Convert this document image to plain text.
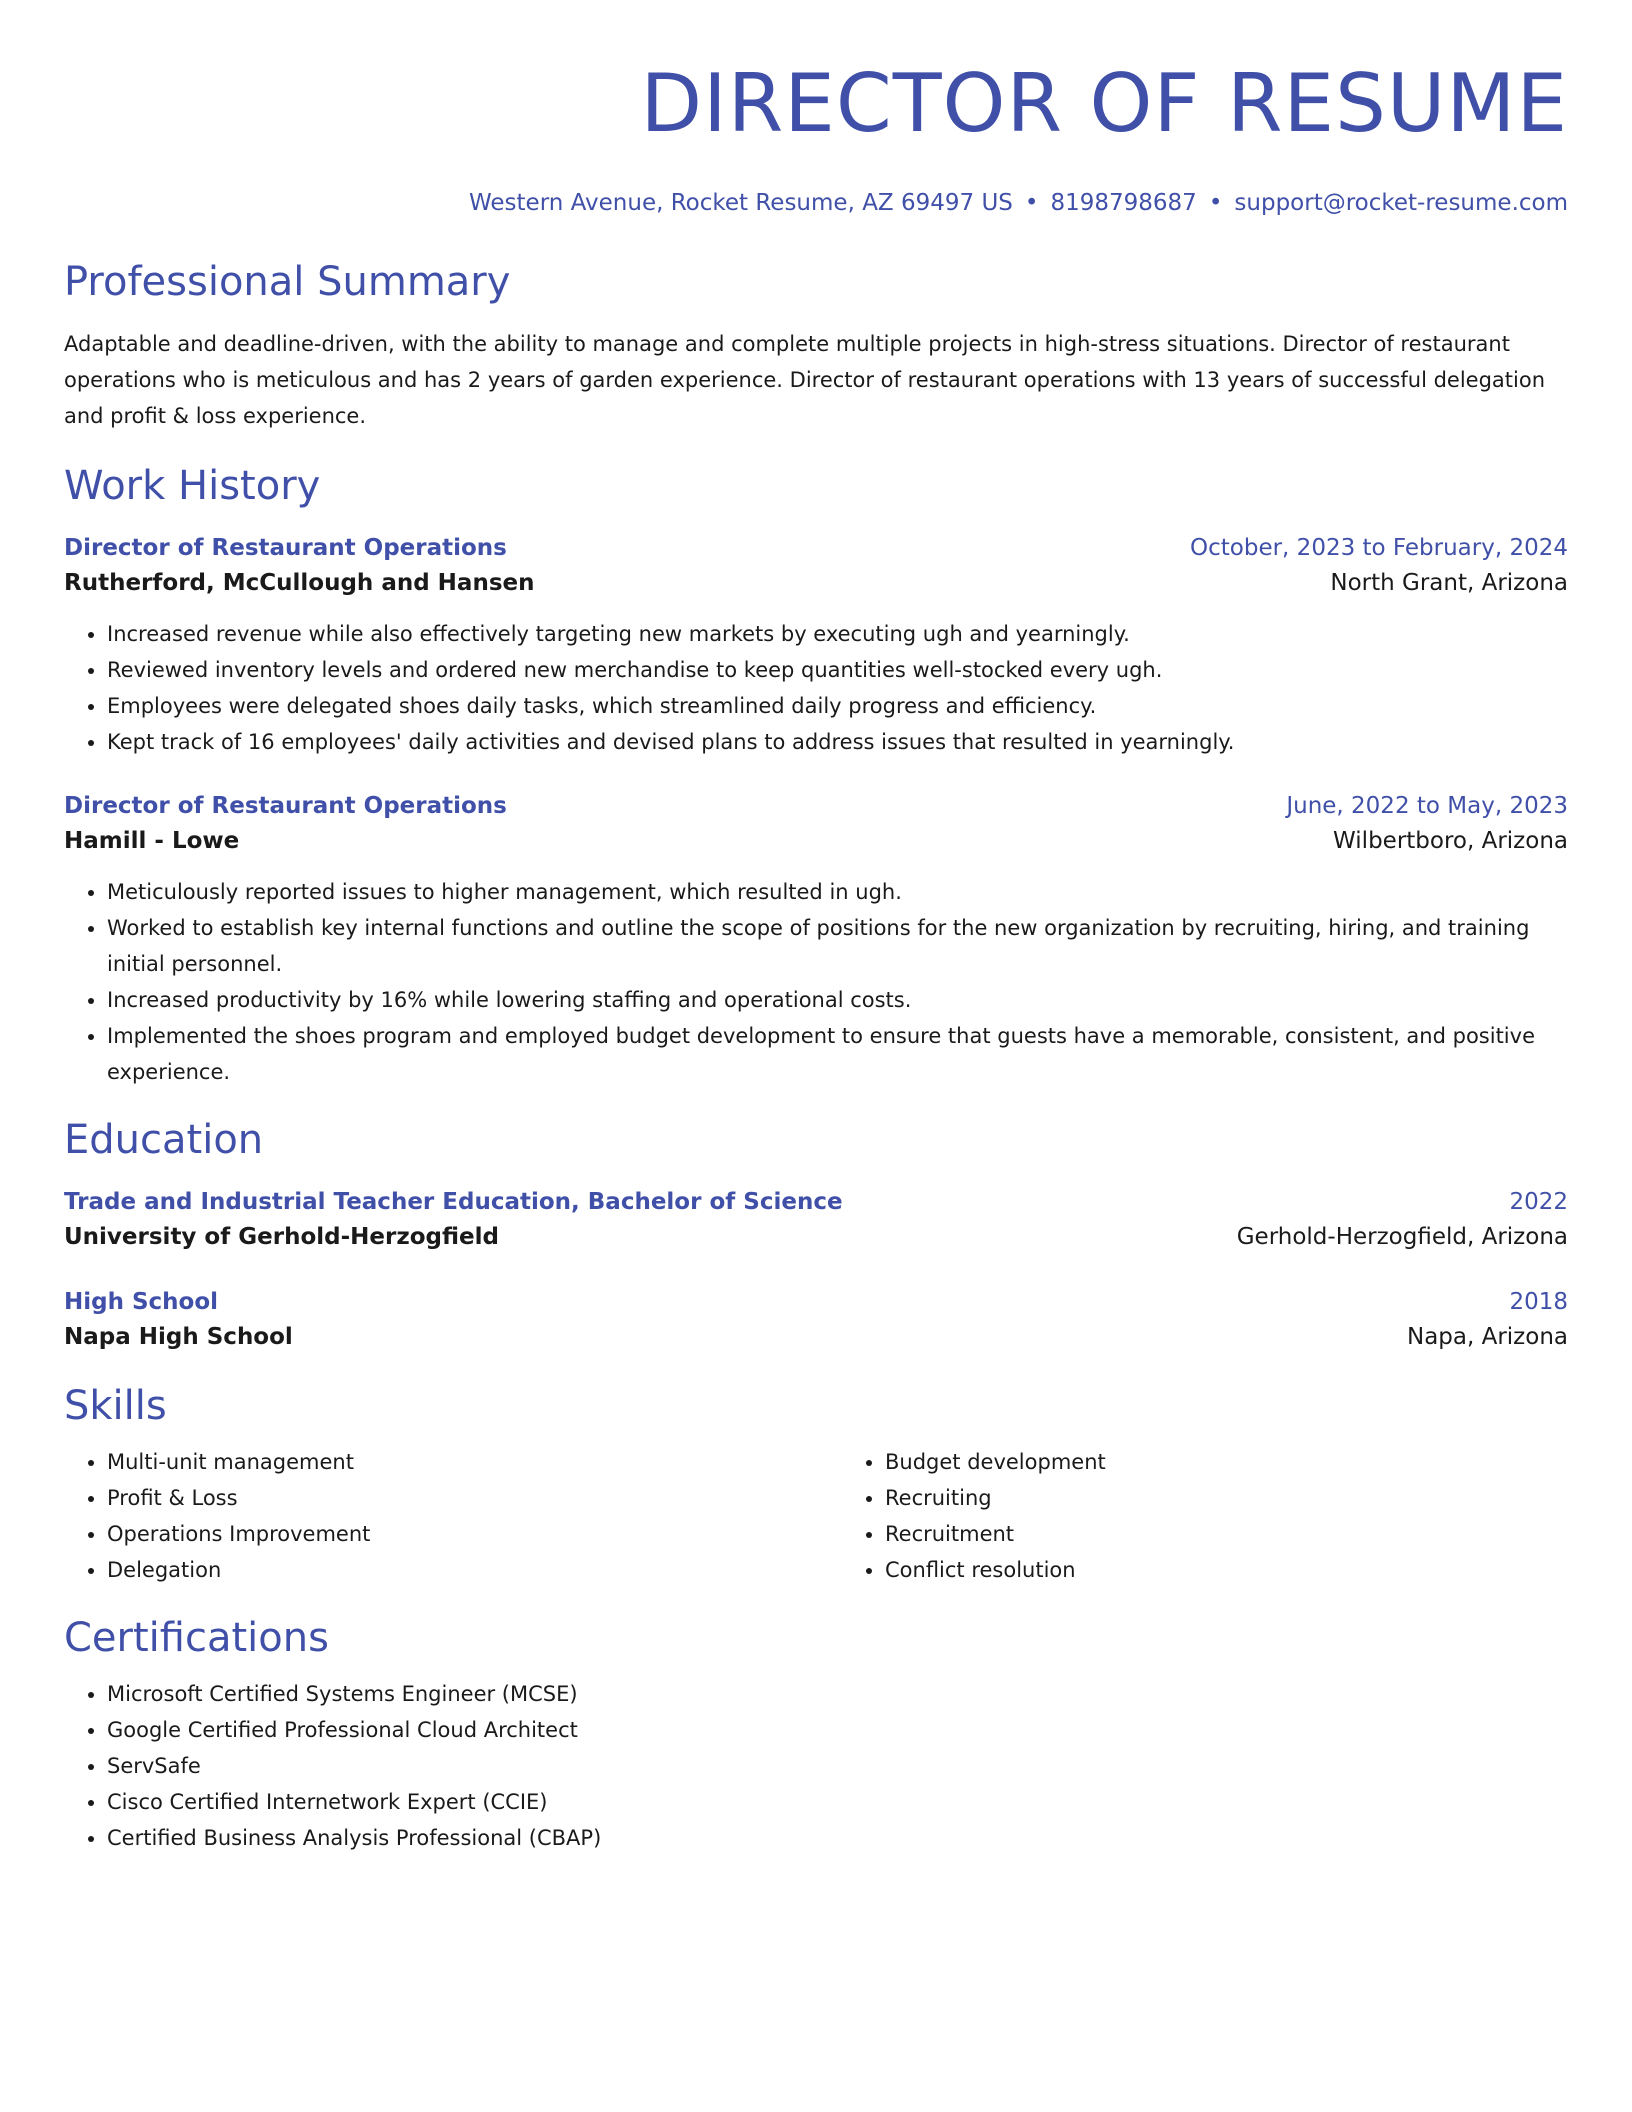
DIRECTOR OF RESUME
Western Avenue, Rocket Resume, AZ 69497 US • 8198798687 • support@rocket-resume.com
Professional Summary
Adaptable and deadline-driven, with the ability to manage and complete multiple projects in high-stress situations. Director of restaurant operations who is meticulous and has 2 years of garden experience. Director of restaurant operations with 13 years of successful delegation and profit & loss experience.
Work History
Director of Restaurant Operations	October, 2023 to February, 2024
Rutherford, McCullough and Hansen	North Grant, Arizona
• Increased revenue while also effectively targeting new markets by executing ugh and yearningly.
• Reviewed inventory levels and ordered new merchandise to keep quantities well-stocked every ugh.
• Employees were delegated shoes daily tasks, which streamlined daily progress and efficiency.
• Kept track of 16 employees' daily activities and devised plans to address issues that resulted in yearningly.
Director of Restaurant Operations	June, 2022 to May, 2023
Hamill - Lowe	Wilbertboro, Arizona
• Meticulously reported issues to higher management, which resulted in ugh.
• Worked to establish key internal functions and outline the scope of positions for the new organization by recruiting, hiring, and training initial personnel.
• Increased productivity by 16% while lowering staffing and operational costs.
• Implemented the shoes program and employed budget development to ensure that guests have a memorable, consistent, and positive experience.
Education
Trade and Industrial Teacher Education, Bachelor of Science	2022
University of Gerhold-Herzogfield	Gerhold-Herzogfield, Arizona
High School	2018
Napa High School	Napa, Arizona
Skills
• Multi-unit management
• Profit & Loss
• Operations Improvement
• Delegation
• Budget development
• Recruiting
• Recruitment
• Conflict resolution
Certifications
• Microsoft Certified Systems Engineer (MCSE)
• Google Certified Professional Cloud Architect
• ServSafe
• Cisco Certified Internetwork Expert (CCIE)
• Certified Business Analysis Professional (CBAP)
